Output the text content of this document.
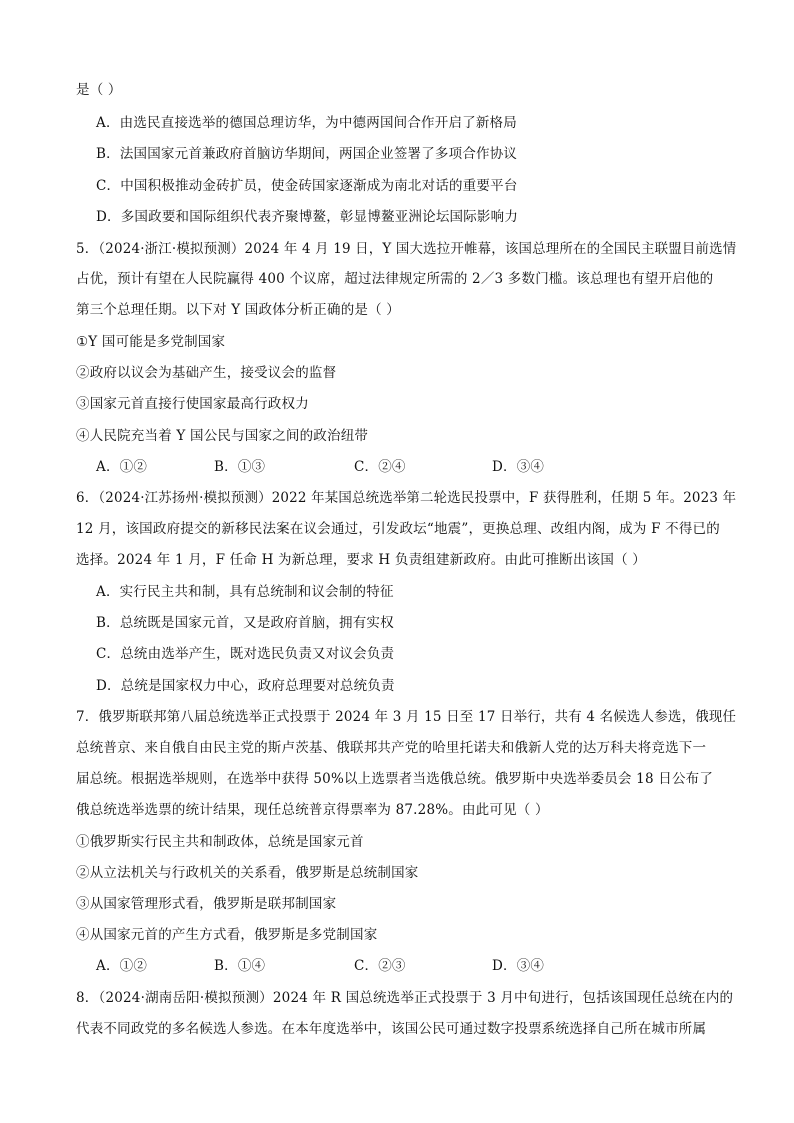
是（ ）
A．由选民直接选举的德国总理访华，为中德两国间合作开启了新格局
B．法国国家元首兼政府首脑访华期间，两国企业签署了多项合作协议
C．中国积极推动金砖扩员，使金砖国家逐渐成为南北对话的重要平台
D．多国政要和国际组织代表齐聚博鳌，彰显博鳌亚洲论坛国际影响力
5．（2024·浙江·模拟预测）2024 年 4 月 19 日，Y 国大选拉开帷幕，该国总理所在的全国民主联盟目前选情
占优，预计有望在人民院赢得 400 个议席，超过法律规定所需的 2／3 多数门槛。该总理也有望开启他的
第三个总理任期。以下对 Y 国政体分析正确的是（ ）
①Y 国可能是多党制国家
②政府以议会为基础产生，接受议会的监督
③国家元首直接行使国家最高行政权力
④人民院充当着 Y 国公民与国家之间的政治纽带
A．①②	B．①③	C．②④	D．③④
6．（2024·江苏扬州·模拟预测）2022 年某国总统选举第二轮选民投票中，F 获得胜利，任期 5 年。2023 年
12 月，该国政府提交的新移民法案在议会通过，引发政坛“地震”，更换总理、改组内阁，成为 F 不得已的
选择。2024 年 1 月，F 任命 H 为新总理，要求 H 负责组建新政府。由此可推断出该国（ ）
A．实行民主共和制，具有总统制和议会制的特征
B．总统既是国家元首，又是政府首脑，拥有实权
C．总统由选举产生，既对选民负责又对议会负责
D．总统是国家权力中心，政府总理要对总统负责
7．俄罗斯联邦第八届总统选举正式投票于 2024 年 3 月 15 日至 17 日举行，共有 4 名候选人参选，俄现任
总统普京、来自俄自由民主党的斯卢茨基、俄联邦共产党的哈里托诺夫和俄新人党的达万科夫将竞选下一
届总统。根据选举规则，在选举中获得 50%以上选票者当选俄总统。俄罗斯中央选举委员会 18 日公布了
俄总统选举选票的统计结果，现任总统普京得票率为 87.28%。由此可见（ ）
①俄罗斯实行民主共和制政体，总统是国家元首
②从立法机关与行政机关的关系看，俄罗斯是总统制国家
③从国家管理形式看，俄罗斯是联邦制国家
④从国家元首的产生方式看，俄罗斯是多党制国家
A．①②	B．①④	C．②③	D．③④
8．（2024·湖南岳阳·模拟预测）2024 年 R 国总统选举正式投票于 3 月中旬进行，包括该国现任总统在内的
代表不同政党的多名候选人参选。在本年度选举中，该国公民可通过数字投票系统选择自己所在城市所属
